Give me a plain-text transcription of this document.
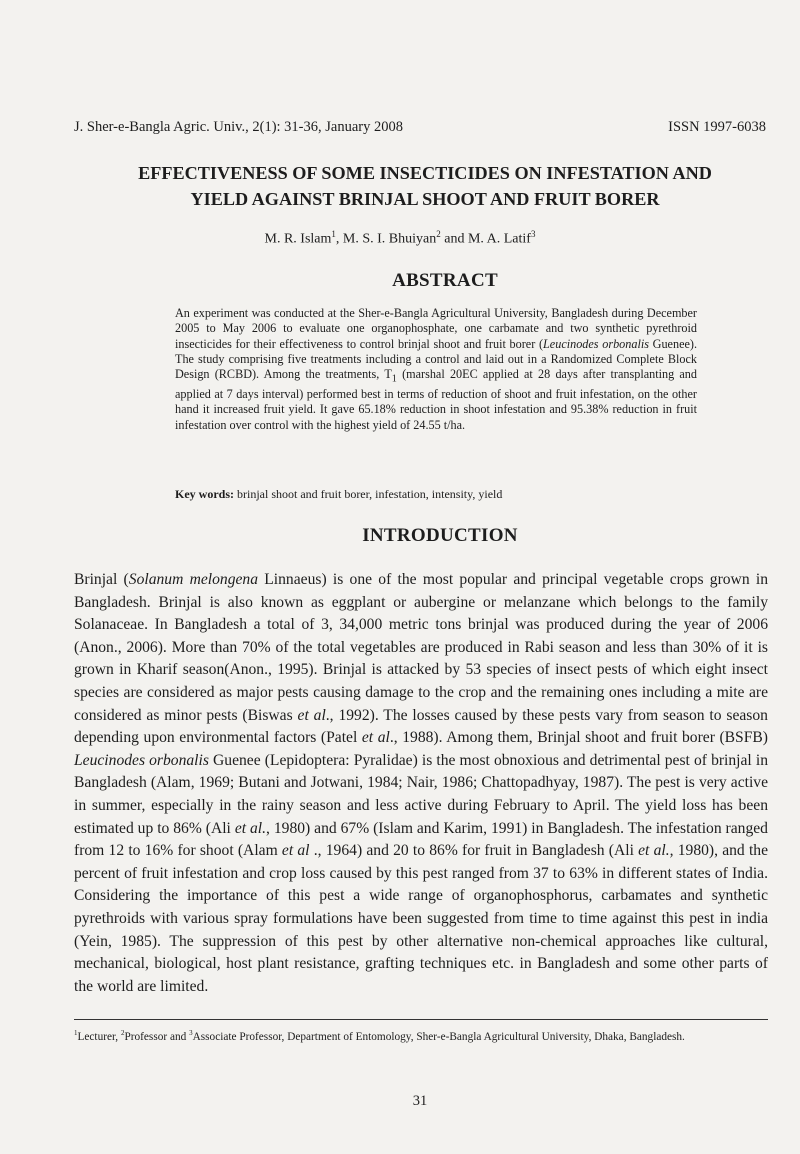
J. Sher-e-Bangla Agric. Univ., 2(1): 31-36, January 2008	ISSN 1997-6038
EFFECTIVENESS OF SOME INSECTICIDES ON INFESTATION AND
YIELD AGAINST BRINJAL SHOOT AND FRUIT BORER
M. R. Islam$^1$, M. S. I. Bhuiyan$^2$ and M. A. Latif$^3$
ABSTRACT

An experiment was conducted at the Sher-e-Bangla Agricultural University, Bangladesh during December 2005 to May 2006 to evaluate one organophosphate, one carbamate and two synthetic pyrethroid insecticides for their effectiveness to control brinjal shoot and fruit borer (Leucinodes orbonalis Guenee). The study comprising five treatments including a control and laid out in a Randomized Complete Block Design (RCBD). Among the treatments, $T_1$ (marshal 20EC applied at 28 days after transplanting and applied at 7 days interval) performed best in terms of reduction of shoot and fruit infestation, on the other hand it increased fruit yield. It gave 65.18% reduction in shoot infestation and 95.38% reduction in fruit infestation over control with the highest yield of 24.55 t/ha.

Key words: brinjal shoot and fruit borer, infestation, intensity, yield
INTRODUCTION

Brinjal (Solanum melongena Linnaeus) is one of the most popular and principal vegetable crops grown in Bangladesh. Brinjal is also known as eggplant or aubergine or melanzane which belongs to the family Solanaceae. In Bangladesh a total of 3, 34,000 metric tons brinjal was produced during the year of 2006 (Anon., 2006). More than 70% of the total vegetables are produced in Rabi season and less than 30% of it is grown in Kharif season(Anon., 1995). Brinjal is attacked by 53 species of insect pests of which eight insect species are considered as major pests causing damage to the crop and the remaining ones including a mite are considered as minor pests (Biswas et al., 1992). The losses caused by these pests vary from season to season depending upon environmental factors (Patel et al., 1988). Among them, Brinjal shoot and fruit borer (BSFB) Leucinodes orbonalis Guenee (Lepidoptera: Pyralidae) is the most obnoxious and detrimental pest of brinjal in Bangladesh (Alam, 1969; Butani and Jotwani, 1984; Nair, 1986; Chattopadhyay, 1987). The pest is very active in summer, especially in the rainy season and less active during February to April. The yield loss has been estimated up to 86% (Ali et al., 1980) and 67% (Islam and Karim, 1991) in Bangladesh. The infestation ranged from 12 to 16% for shoot (Alam et al ., 1964) and 20 to 86% for fruit in Bangladesh (Ali et al., 1980), and the percent of fruit infestation and crop loss caused by this pest ranged from 37 to 63% in different states of India. Considering the importance of this pest a wide range of organophosphorus, carbamates and synthetic pyrethroids with various spray formulations have been suggested from time to time against this pest in india (Yein, 1985). The suppression of this pest by other alternative non-chemical approaches like cultural, mechanical, biological, host plant resistance, grafting techniques etc. in Bangladesh and some other parts of the world are limited.

$^1$Lecturer, $^2$Professor and $^3$Associate Professor, Department of Entomology, Sher-e-Bangla Agricultural University, Dhaka, Bangladesh.
31
